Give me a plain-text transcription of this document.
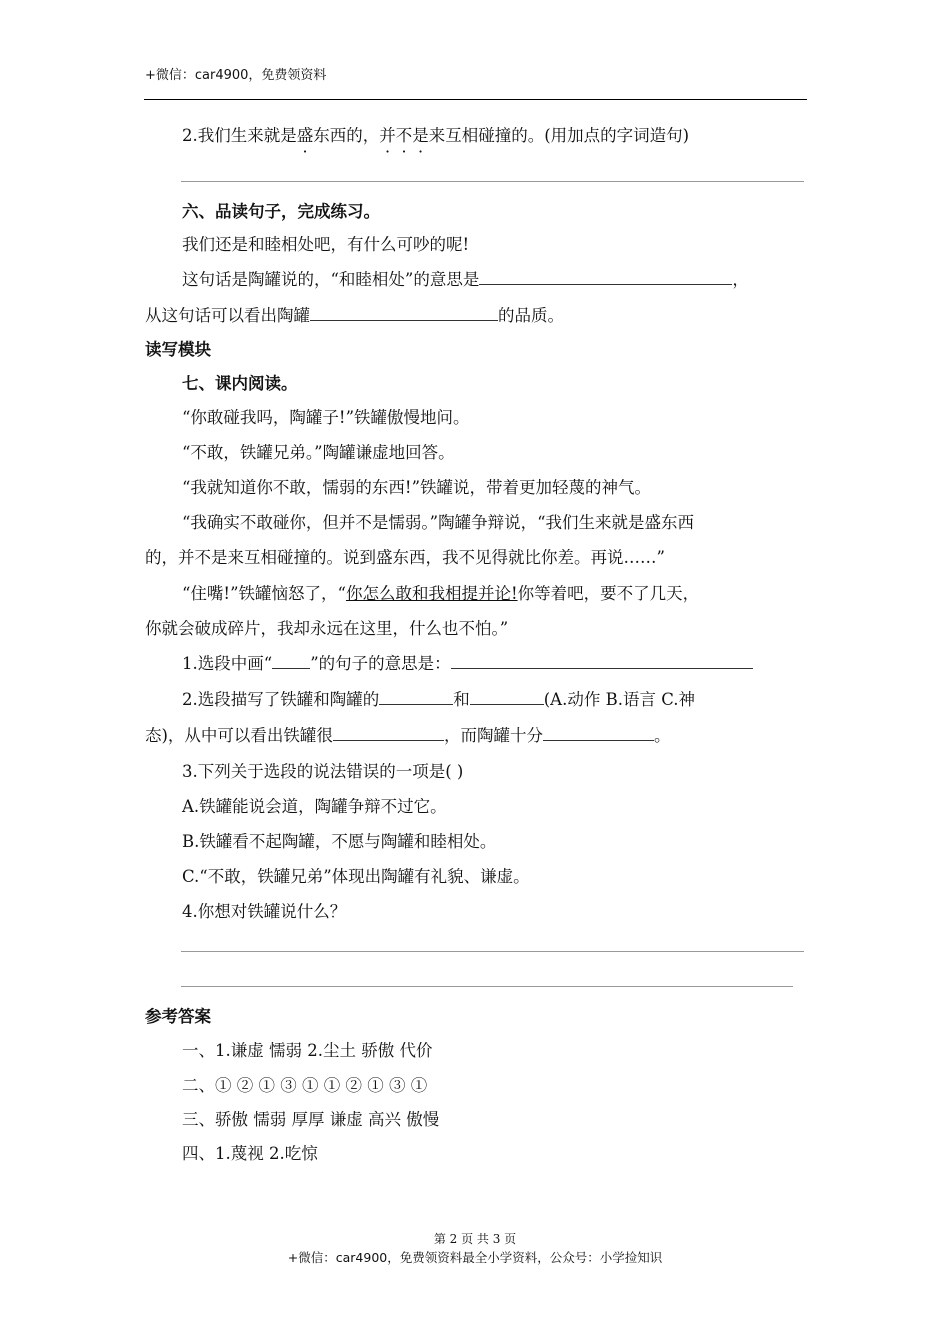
+微信：car4900，免费领资料
2.我们生来就是盛东西的，并不是来互相碰撞的。(用加点的字词造句)
六、品读句子，完成练习。
我们还是和睦相处吧，有什么可吵的呢!
这句话是陶罐说的，“和睦相处”的意思是	，
从这句话可以看出陶罐	的品质。
读写模块
七、课内阅读。
“你敢碰我吗，陶罐子!”铁罐傲慢地问。
“不敢，铁罐兄弟。”陶罐谦虚地回答。
“我就知道你不敢，懦弱的东西!”铁罐说，带着更加轻蔑的神气。
“我确实不敢碰你，但并不是懦弱。”陶罐争辩说，“我们生来就是盛东西
的，并不是来互相碰撞的。说到盛东西，我不见得就比你差。再说……”
“住嘴!”铁罐恼怒了，“你怎么敢和我相提并论!你等着吧，要不了几天，
你就会破成碎片，我却永远在这里，什么也不怕。”
1.选段中画“ ”的句子的意思是：
2.选段描写了铁罐和陶罐的	和	(A.动作 B.语言 C.神
态)，从中可以看出铁罐很	，而陶罐十分	。
3.下列关于选段的说法错误的一项是( )
A.铁罐能说会道，陶罐争辩不过它。
B.铁罐看不起陶罐，不愿与陶罐和睦相处。
C.“不敢，铁罐兄弟”体现出陶罐有礼貌、谦虚。
4.你想对铁罐说什么？
参考答案
一、1.谦虚 懦弱 2.尘土 骄傲 代价
二、① ② ① ③ ① ① ② ① ③ ①
三、骄傲 懦弱 厚厚 谦虚 高兴 傲慢
四、1.蔑视 2.吃惊
第 2 页 共 3 页
+微信：car4900，免费领资料最全小学资料，公众号：小学捡知识
